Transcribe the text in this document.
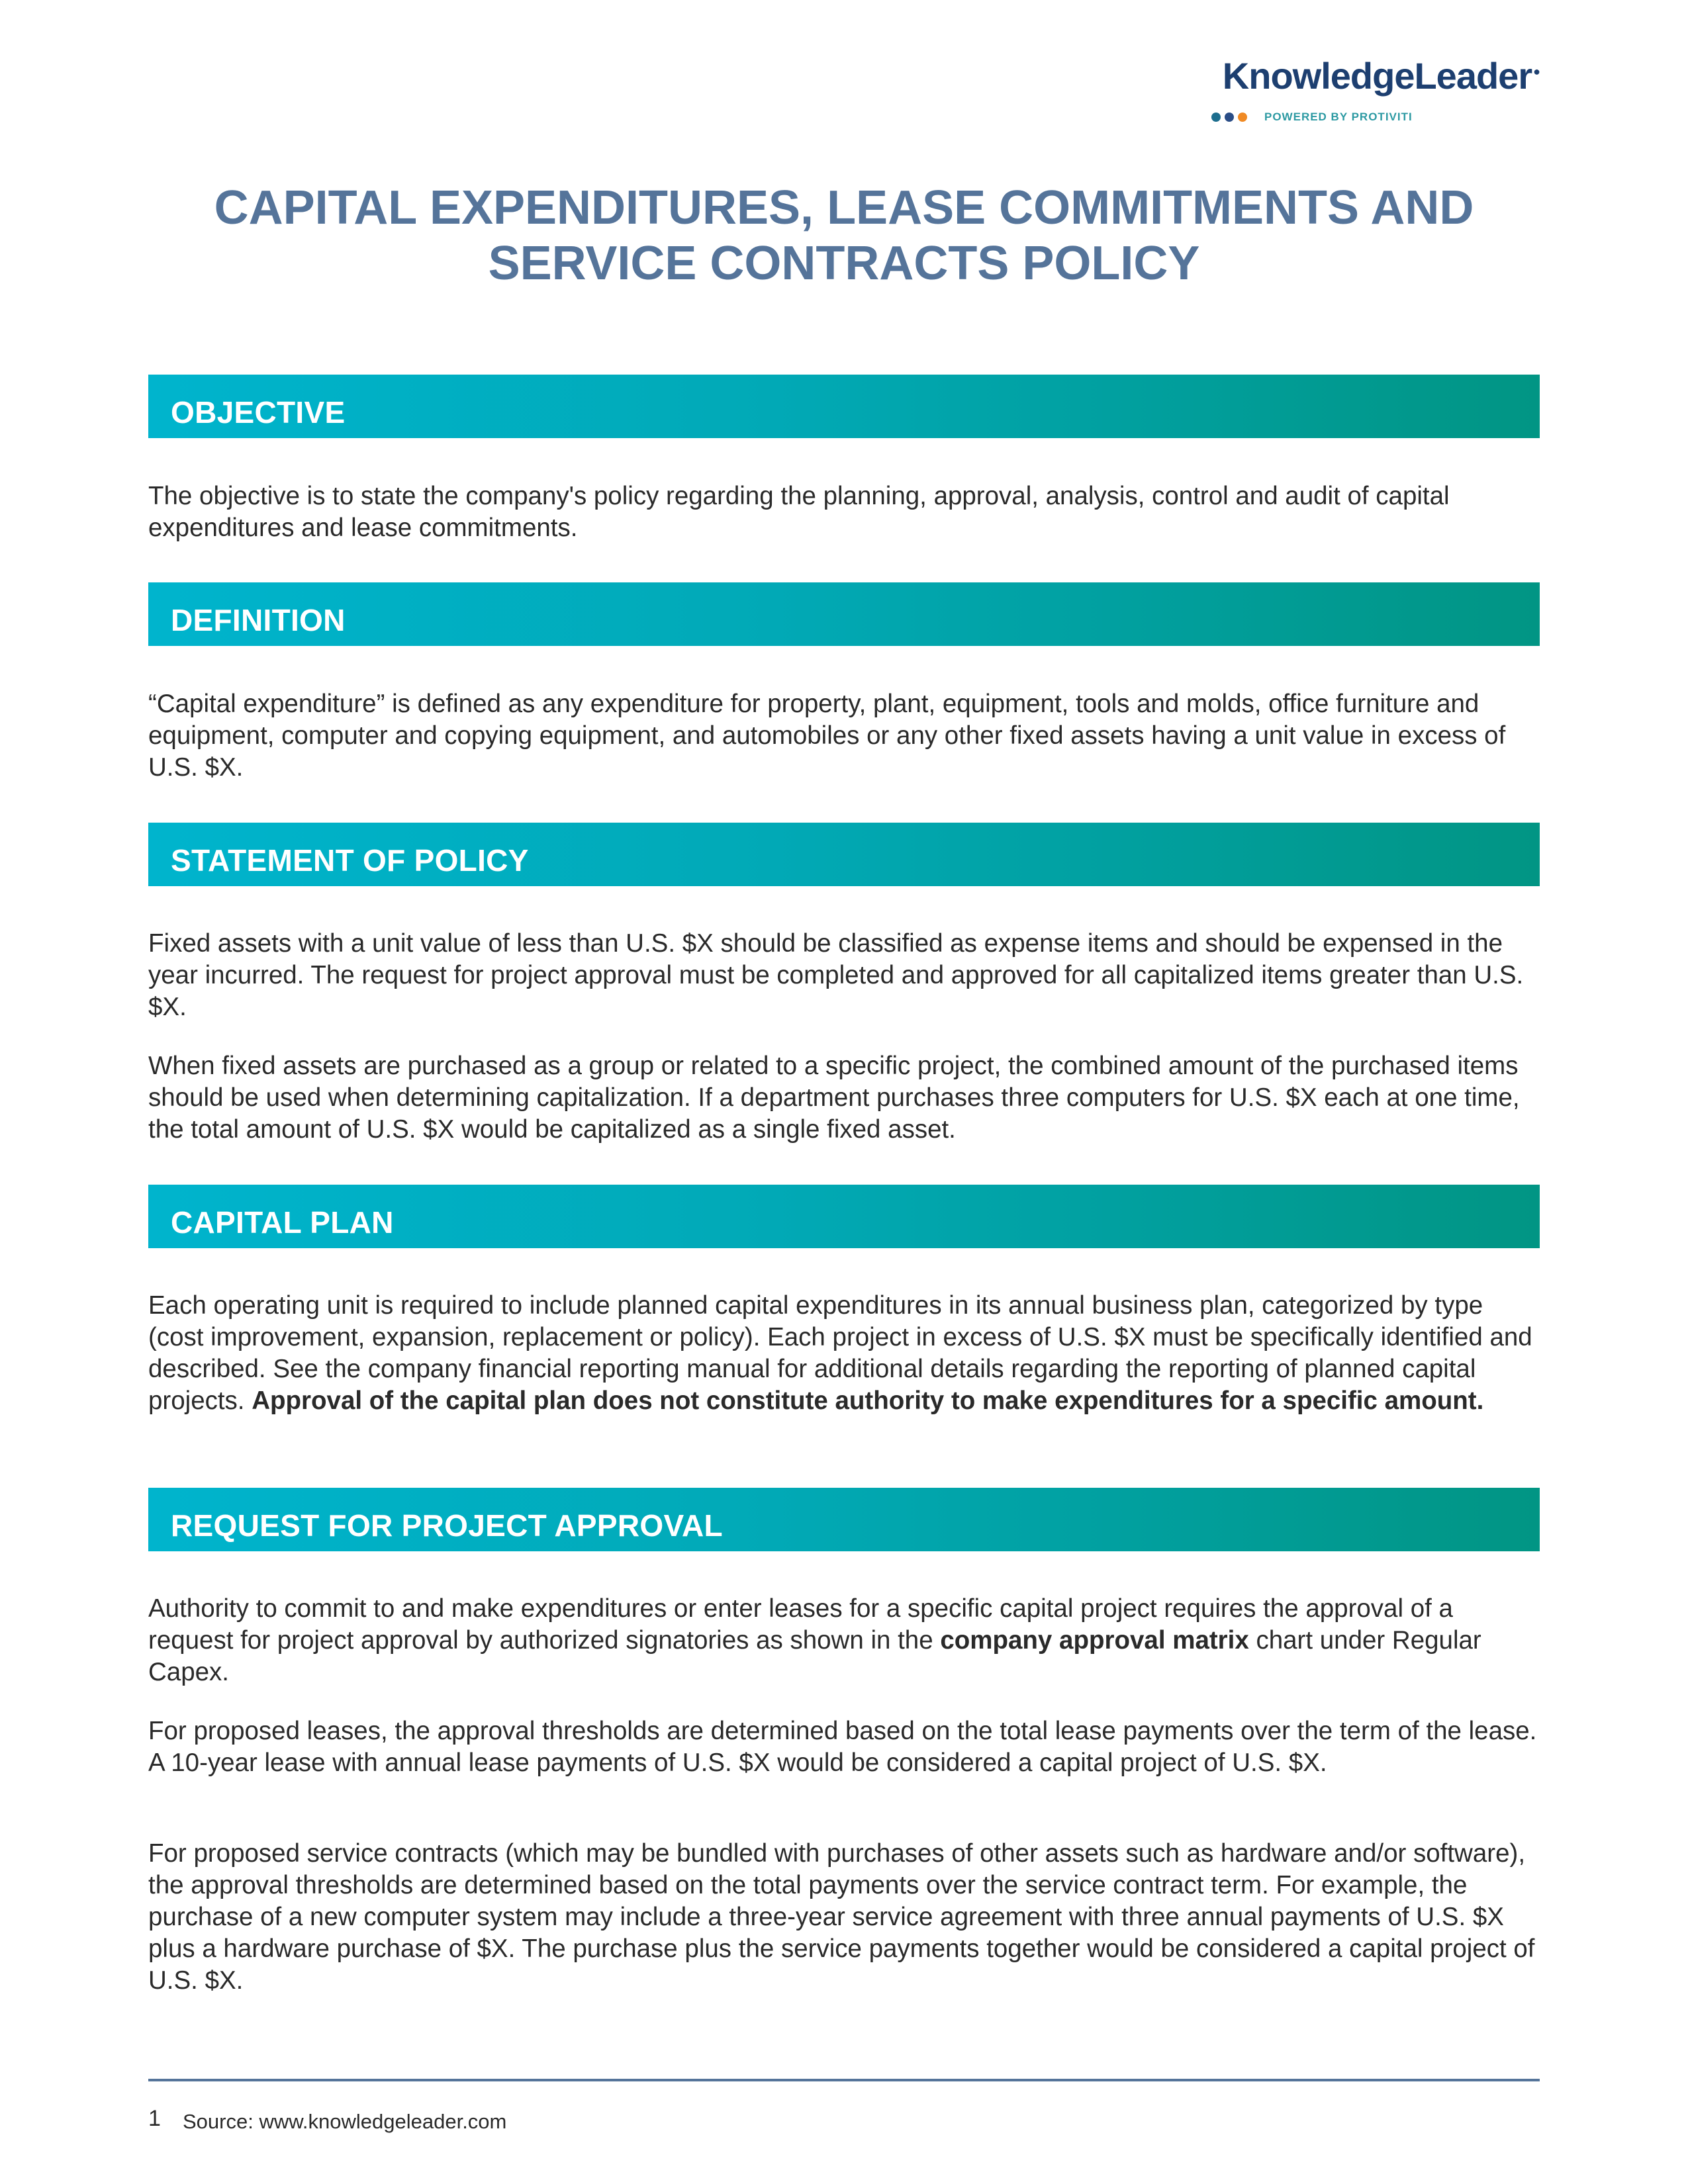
KnowledgeLeader ●
POWERED BY PROTIVITI
CAPITAL EXPENDITURES, LEASE COMMITMENTS AND
SERVICE CONTRACTS POLICY
OBJECTIVE
The objective is to state the company's policy regarding the planning, approval, analysis, control and audit of capital expenditures and lease commitments.
DEFINITION
“Capital expenditure” is defined as any expenditure for property, plant, equipment, tools and molds, office furniture and equipment, computer and copying equipment, and automobiles or any other fixed assets having a unit value in excess of U.S. $X.
STATEMENT OF POLICY
Fixed assets with a unit value of less than U.S. $X should be classified as expense items and should be expensed in the year incurred. The request for project approval must be completed and approved for all capitalized items greater than U.S. $X.
When fixed assets are purchased as a group or related to a specific project, the combined amount of the purchased items should be used when determining capitalization. If a department purchases three computers for U.S. $X each at one time, the total amount of U.S. $X would be capitalized as a single fixed asset.
CAPITAL PLAN
Each operating unit is required to include planned capital expenditures in its annual business plan, categorized by type (cost improvement, expansion, replacement or policy). Each project in excess of U.S. $X must be specifically identified and described. See the company financial reporting manual for additional details regarding the reporting of planned capital projects. Approval of the capital plan does not constitute authority to make expenditures for a specific amount.
REQUEST FOR PROJECT APPROVAL
Authority to commit to and make expenditures or enter leases for a specific capital project requires the approval of a request for project approval by authorized signatories as shown in the company approval matrix chart under Regular Capex.
For proposed leases, the approval thresholds are determined based on the total lease payments over the term of the lease. A 10-year lease with annual lease payments of U.S. $X would be considered a capital project of U.S. $X.
For proposed service contracts (which may be bundled with purchases of other assets such as hardware and/or software), the approval thresholds are determined based on the total payments over the service contract term. For example, the purchase of a new computer system may include a three-year service agreement with three annual payments of U.S. $X plus a hardware purchase of $X. The purchase plus the service payments together would be considered a capital project of U.S. $X.
1 Source: www.knowledgeleader.com
